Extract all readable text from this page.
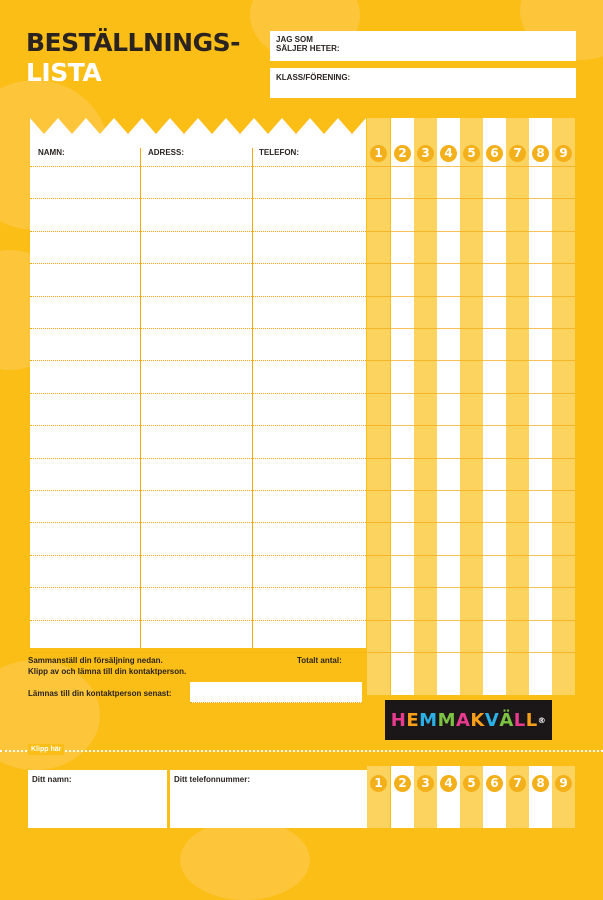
BESTÄLLNINGS-
LISTA
JAG SOM
SÄLJER HETER:
KLASS/FÖRENING:
NAMN:	ADRESS:	TELEFON:	1	2	3	4	5	6	7	8	9
Sammanställ din försäljning nedan.
Klipp av och lämna till din kontaktperson.
Totalt antal:
Lämnas till din kontaktperson senast:
H E M M A K V Ä L L ®
Klipp här
Ditt namn:	Ditt telefonnummer:	1	2	3	4	5	6	7	8	9
